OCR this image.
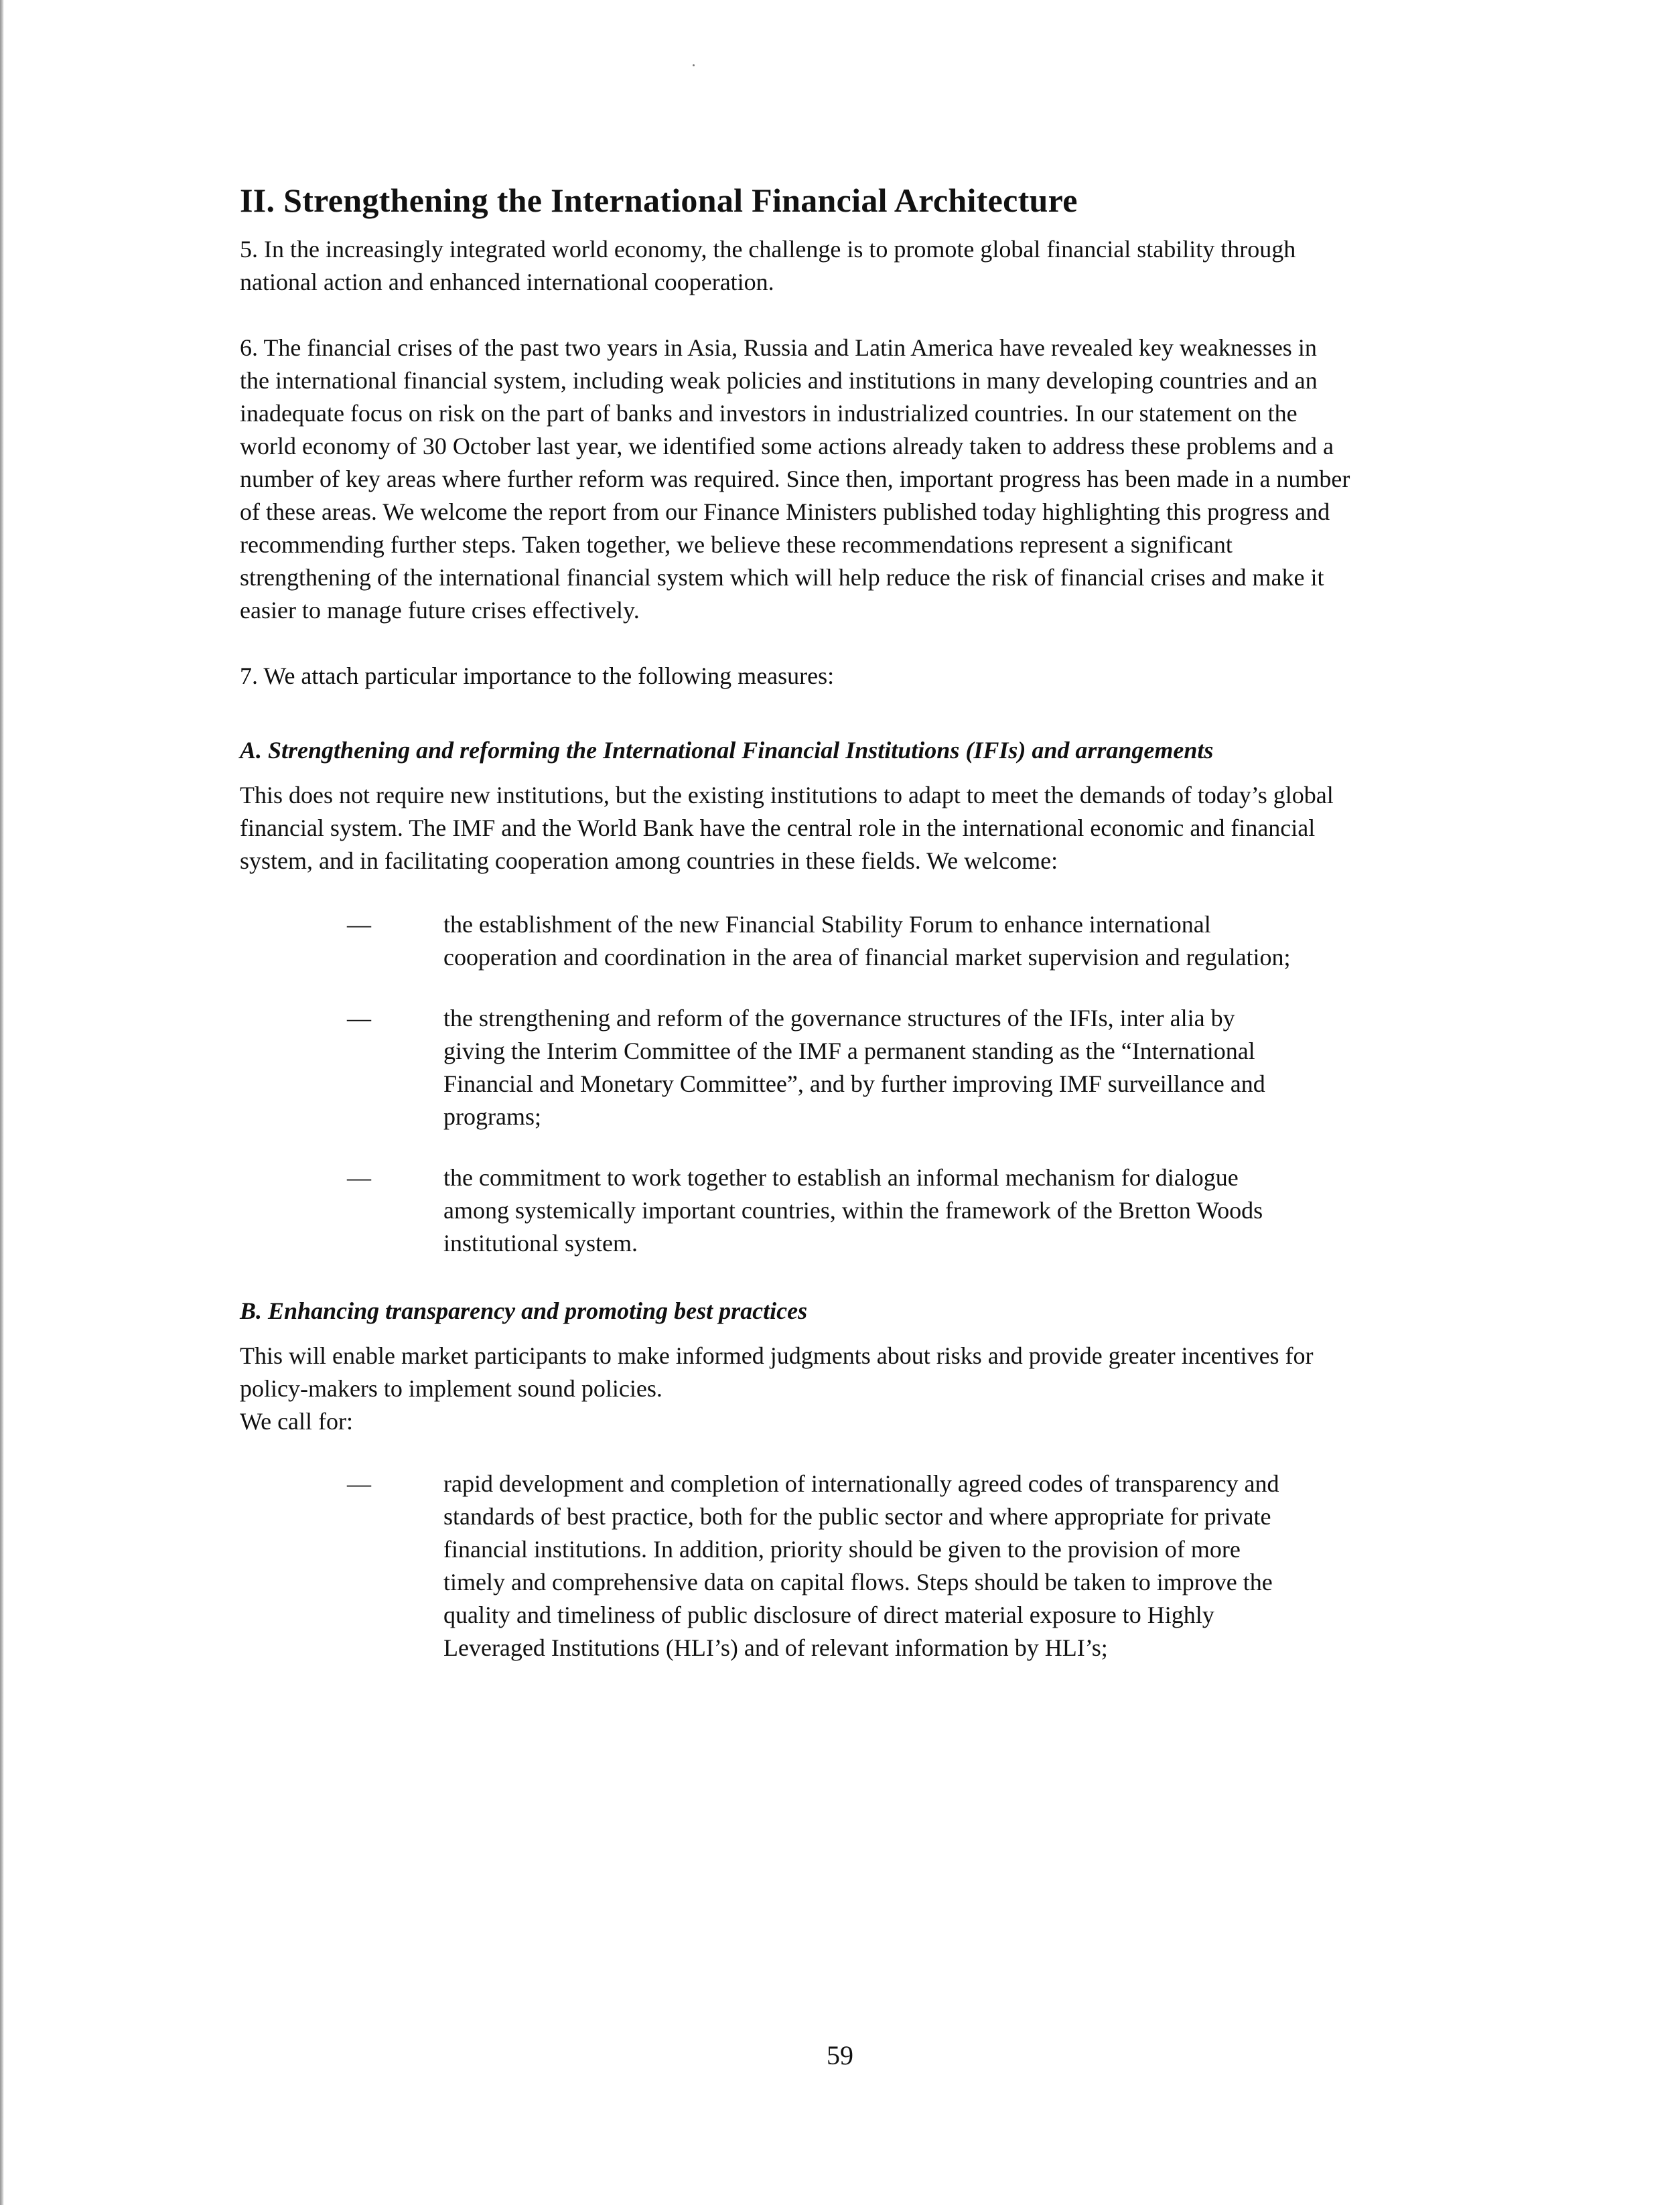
II. Strengthening the International Financial Architecture

5. In the increasingly integrated world economy, the challenge is to promote global financial stability through national action and enhanced international cooperation.

6. The financial crises of the past two years in Asia, Russia and Latin America have revealed key weaknesses in the international financial system, including weak policies and institutions in many developing countries and an inadequate focus on risk on the part of banks and investors in industrialized countries. In our statement on the world economy of 30 October last year, we identified some actions already taken to address these problems and a number of key areas where further reform was required. Since then, important progress has been made in a number of these areas. We welcome the report from our Finance Ministers published today highlighting this progress and recommending further steps. Taken together, we believe these recommendations represent a significant strengthening of the international financial system which will help reduce the risk of financial crises and make it easier to manage future crises effectively.

7. We attach particular importance to the following measures:

A. Strengthening and reforming the International Financial Institutions (IFIs) and arrangements

This does not require new institutions, but the existing institutions to adapt to meet the demands of today’s global financial system. The IMF and the World Bank have the central role in the international economic and financial system, and in facilitating cooperation among countries in these fields. We welcome:

—	the establishment of the new Financial Stability Forum to enhance international cooperation and coordination in the area of financial market supervision and regulation;
—	the strengthening and reform of the governance structures of the IFIs, inter alia by giving the Interim Committee of the IMF a permanent standing as the “International Financial and Monetary Committee”, and by further improving IMF surveillance and programs;
—	the commitment to work together to establish an informal mechanism for dialogue among systemically important countries, within the framework of the Bretton Woods institutional system.
B. Enhancing transparency and promoting best practices

This will enable market participants to make informed judgments about risks and provide greater incentives for policy-makers to implement sound policies.

We call for:

—	rapid development and completion of internationally agreed codes of transparency and standards of best practice, both for the public sector and where appropriate for private financial institutions. In addition, priority should be given to the provision of more timely and comprehensive data on capital flows. Steps should be taken to improve the quality and timeliness of public disclosure of direct material exposure to Highly Leveraged Institutions (HLI’s) and of relevant information by HLI’s;
59
